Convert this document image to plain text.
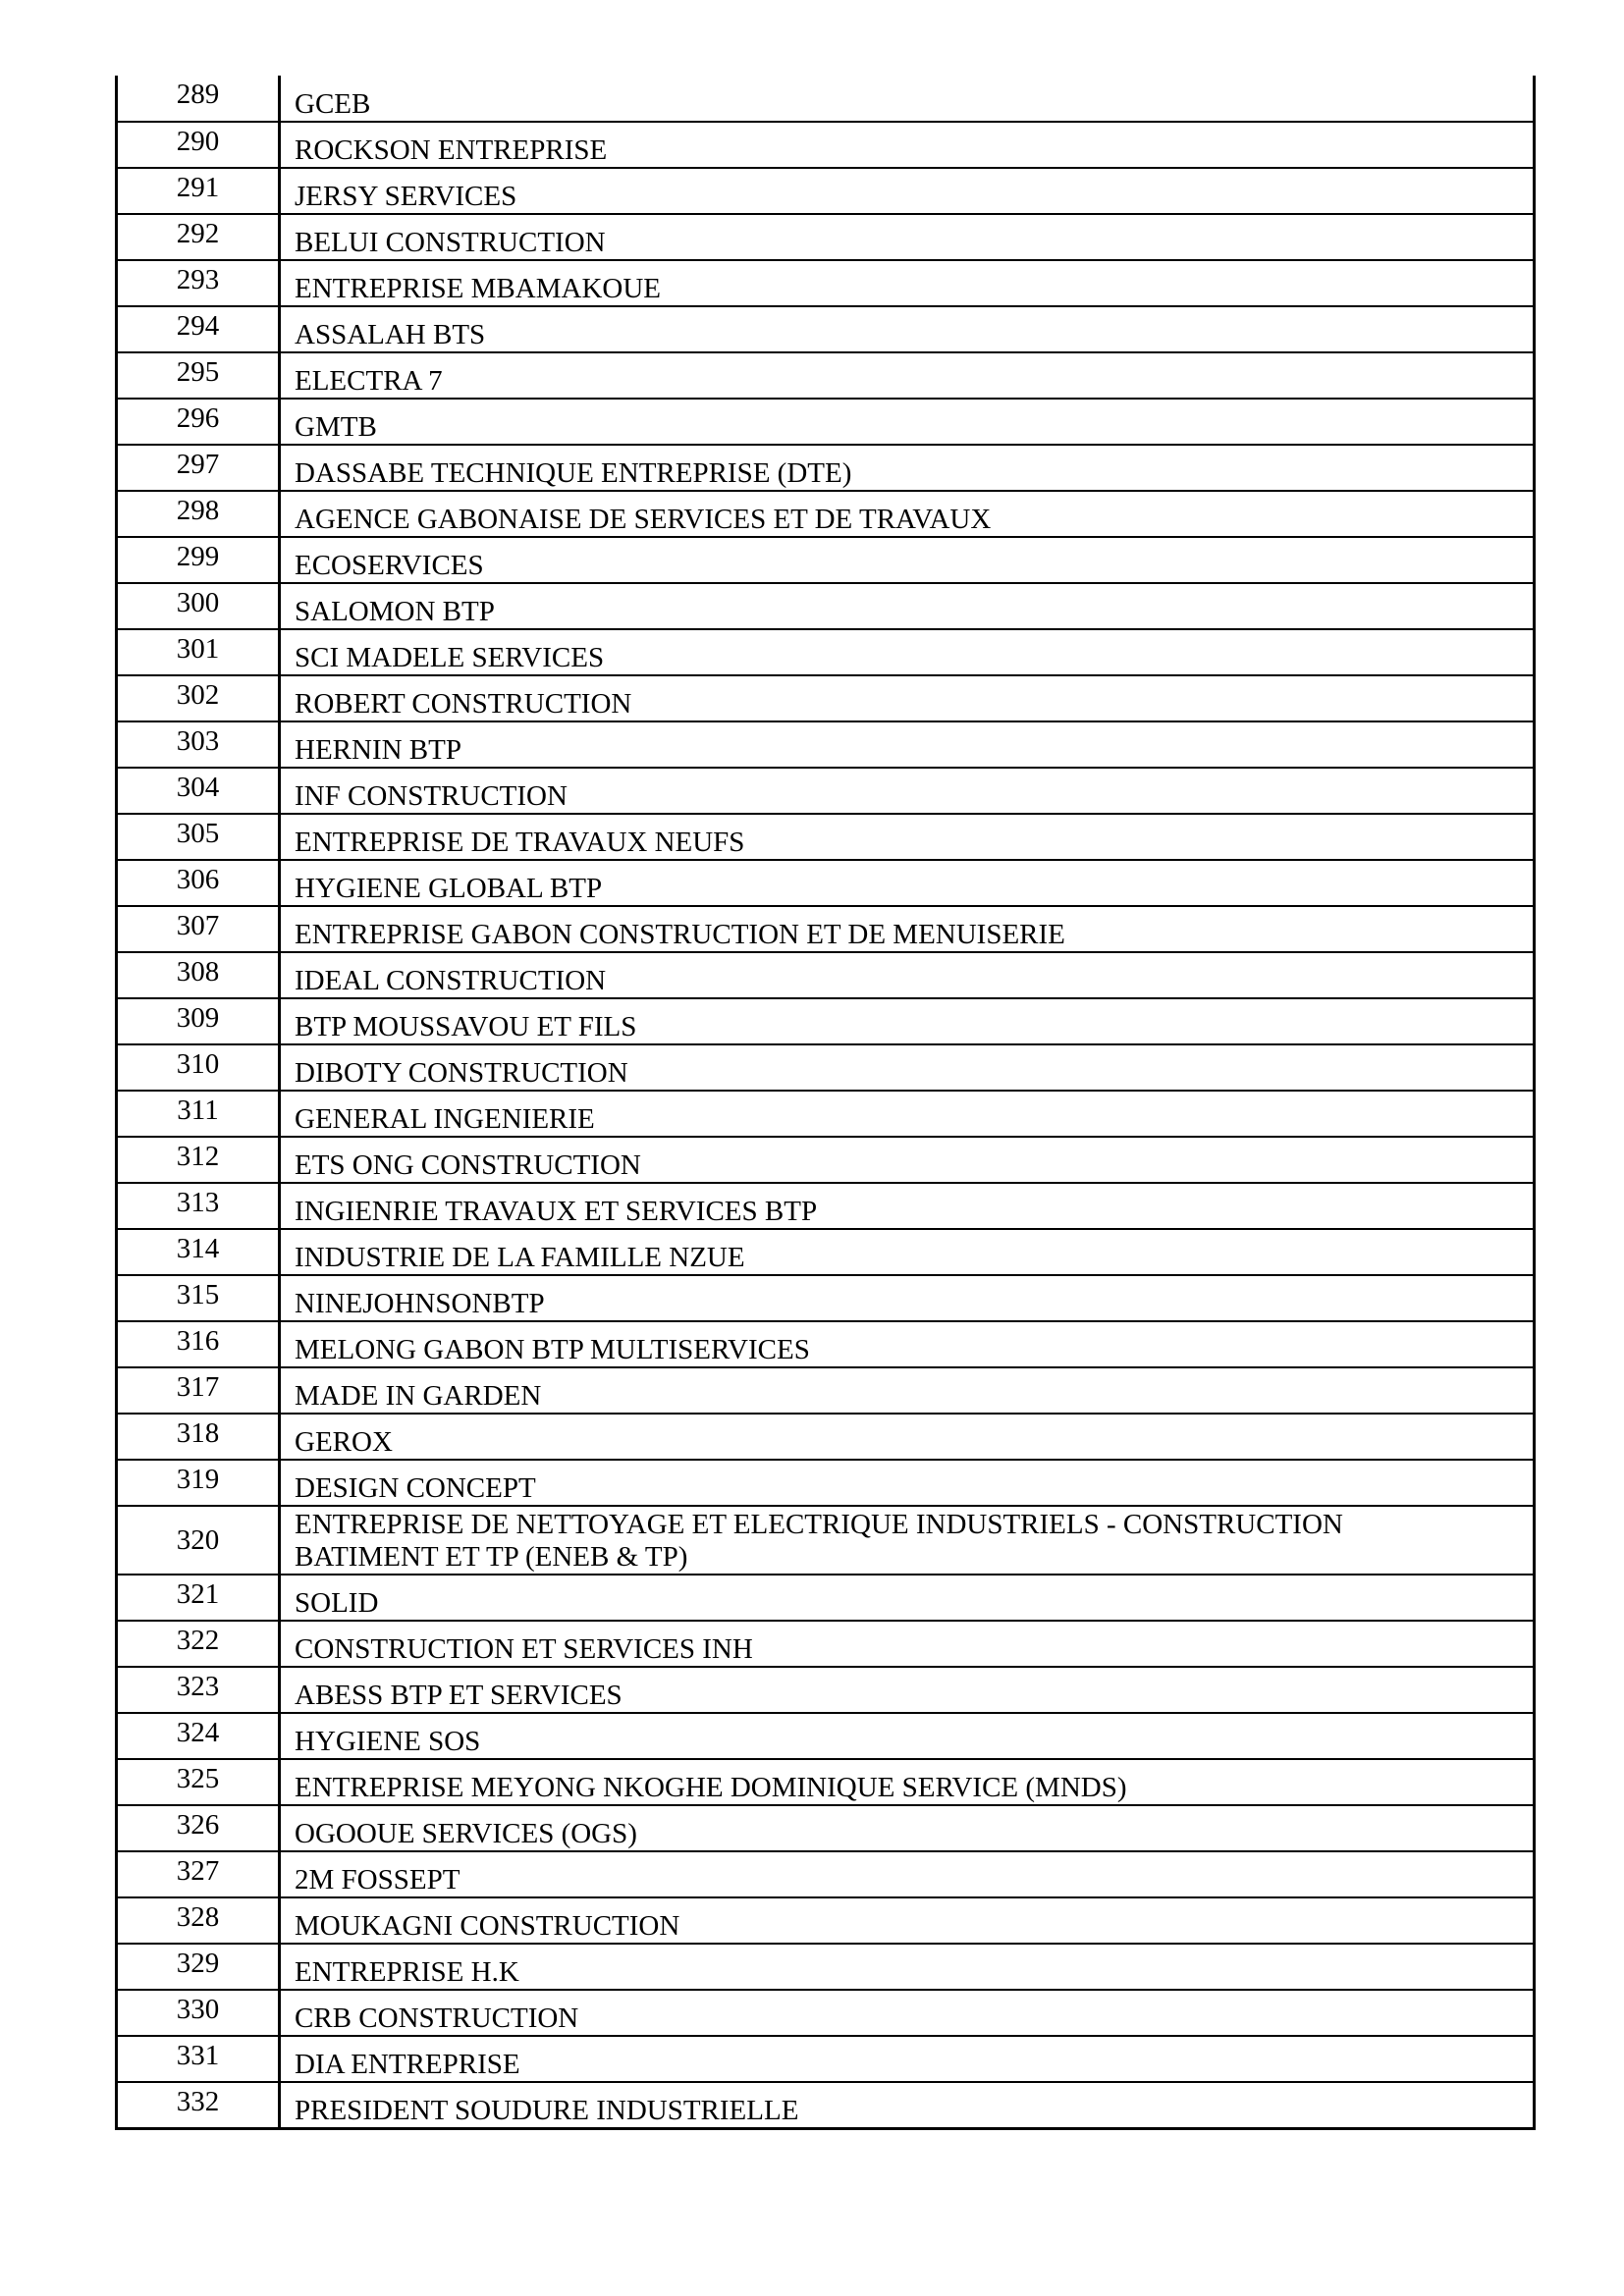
289	GCEB
290	ROCKSON ENTREPRISE
291	JERSY SERVICES
292	BELUI CONSTRUCTION
293	ENTREPRISE MBAMAKOUE
294	ASSALAH BTS
295	ELECTRA 7
296	GMTB
297	DASSABE TECHNIQUE ENTREPRISE (DTE)
298	AGENCE GABONAISE DE SERVICES ET DE TRAVAUX
299	ECOSERVICES
300	SALOMON BTP
301	SCI MADELE SERVICES
302	ROBERT CONSTRUCTION
303	HERNIN BTP
304	INF CONSTRUCTION
305	ENTREPRISE DE TRAVAUX NEUFS
306	HYGIENE GLOBAL BTP
307	ENTREPRISE GABON CONSTRUCTION ET DE MENUISERIE
308	IDEAL CONSTRUCTION
309	BTP MOUSSAVOU ET FILS
310	DIBOTY CONSTRUCTION
311	GENERAL INGENIERIE
312	ETS ONG CONSTRUCTION
313	INGIENRIE TRAVAUX ET SERVICES BTP
314	INDUSTRIE DE LA FAMILLE NZUE
315	NINEJOHNSONBTP
316	MELONG GABON BTP MULTISERVICES
317	MADE IN GARDEN
318	GEROX
319	DESIGN CONCEPT
320	ENTREPRISE DE NETTOYAGE ET ELECTRIQUE INDUSTRIELS - CONSTRUCTION
BATIMENT ET TP (ENEB & TP)

321	SOLID
322	CONSTRUCTION ET SERVICES INH
323	ABESS BTP ET SERVICES
324	HYGIENE SOS
325	ENTREPRISE MEYONG NKOGHE DOMINIQUE SERVICE (MNDS)
326	OGOOUE SERVICES (OGS)
327	2M FOSSEPT
328	MOUKAGNI CONSTRUCTION
329	ENTREPRISE H.K
330	CRB CONSTRUCTION
331	DIA ENTREPRISE
332	PRESIDENT SOUDURE INDUSTRIELLE
